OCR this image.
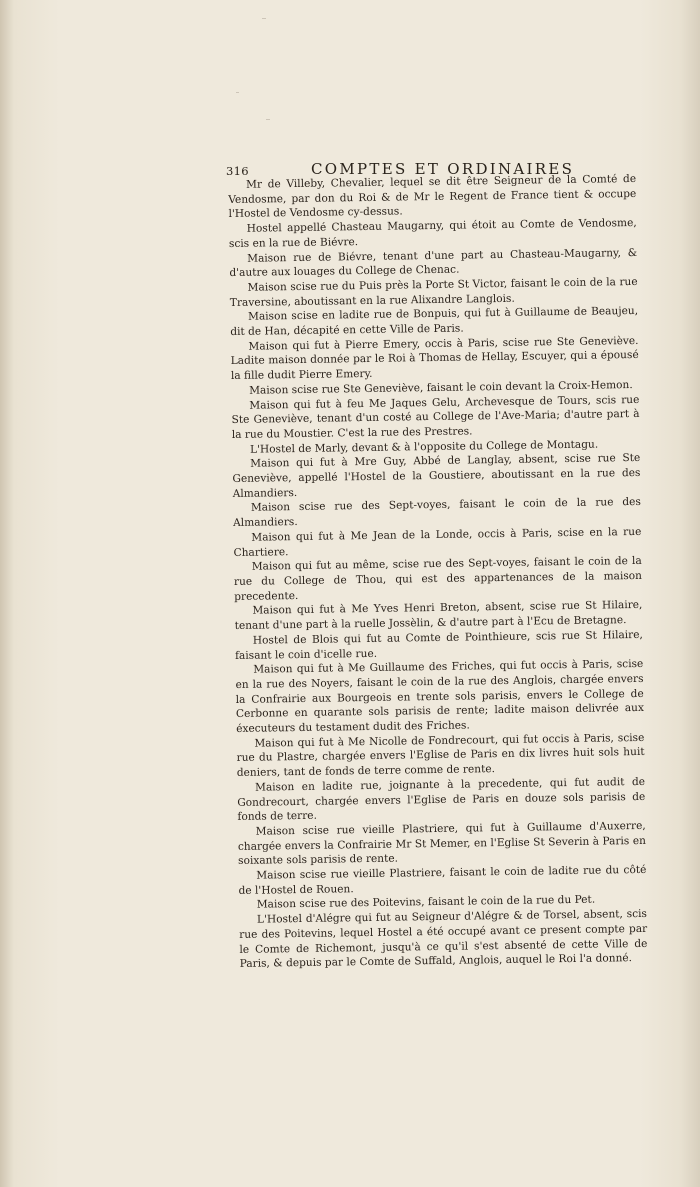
316	COMPTES ET ORDINAIRES

Mr de Villeby, Chevalier, lequel se dit être Seigneur de la Comté de Vendosme, par don du Roi & de Mr le Regent de France tient & occupe l'Hostel de Vendosme cy-dessus.

Hostel appellé Chasteau Maugarny, qui étoit au Comte de Vendosme, scis en la rue de Biévre.

Maison rue de Biévre, tenant d'une part au Chasteau-Maugarny, & d'autre aux louages du College de Chenac.

Maison scise rue du Puis près la Porte St Victor, faisant le coin de la rue Traversine, aboutissant en la rue Alixandre Langlois.

Maison scise en ladite rue de Bonpuis, qui fut à Guillaume de Beaujeu, dit de Han, décapité en cette Ville de Paris.

Maison qui fut à Pierre Emery, occis à Paris, scise rue Ste Geneviève. Ladite maison donnée par le Roi à Thomas de Hellay, Escuyer, qui a épousé la fille dudit Pierre Emery.

Maison scise rue Ste Geneviève, faisant le coin devant la Croix-Hemon.

Maison qui fut à feu Me Jaques Gelu, Archevesque de Tours, scis rue Ste Geneviève, tenant d'un costé au College de l'Ave-Maria; d'autre part à la rue du Moustier. C'est la rue des Prestres.

L'Hostel de Marly, devant & à l'opposite du College de Montagu.

Maison qui fut à Mre Guy, Abbé de Langlay, absent, scise rue Ste Geneviève, appellé l'Hostel de la Goustiere, aboutissant en la rue des Almandiers.

Maison scise rue des Sept-voyes, faisant le coin de la rue des Almandiers.

Maison qui fut à Me Jean de la Londe, occis à Paris, scise en la rue Chartiere.

Maison qui fut au même, scise rue des Sept-voyes, faisant le coin de la rue du College de Thou, qui est des appartenances de la maison precedente.

Maison qui fut à Me Yves Henri Breton, absent, scise rue St Hilaire, tenant d'une part à la ruelle Jossèlin, & d'autre part à l'Ecu de Bretagne.

Hostel de Blois qui fut au Comte de Pointhieure, scis rue St Hilaire, faisant le coin d'icelle rue.

Maison qui fut à Me Guillaume des Friches, qui fut occis à Paris, scise en la rue des Noyers, faisant le coin de la rue des Anglois, chargée envers la Confrairie aux Bourgeois en trente sols parisis, envers le College de Cerbonne en quarante sols parisis de rente; ladite maison delivrée aux éxecuteurs du testament dudit des Friches.

Maison qui fut à Me Nicolle de Fondrecourt, qui fut occis à Paris, scise rue du Plastre, chargée envers l'Eglise de Paris en dix livres huit sols huit deniers, tant de fonds de terre comme de rente.

Maison en ladite rue, joignante à la precedente, qui fut audit de Gondrecourt, chargée envers l'Eglise de Paris en douze sols parisis de fonds de terre.

Maison scise rue vieille Plastriere, qui fut à Guillaume d'Auxerre, chargée envers la Confrairie Mr St Memer, en l'Eglise St Severin à Paris en soixante sols parisis de rente.

Maison scise rue vieille Plastriere, faisant le coin de ladite rue du côté de l'Hostel de Rouen.

Maison scise rue des Poitevins, faisant le coin de la rue du Pet.

L'Hostel d'Alégre qui fut au Seigneur d'Alégre & de Torsel, absent, scis rue des Poitevins, lequel Hostel a été occupé avant ce present compte par le Comte de Richemont, jusqu'à ce qu'il s'est absenté de cette Ville de Paris, & depuis par le Comte de Suffald, Anglois, auquel le Roi l'a donné.
